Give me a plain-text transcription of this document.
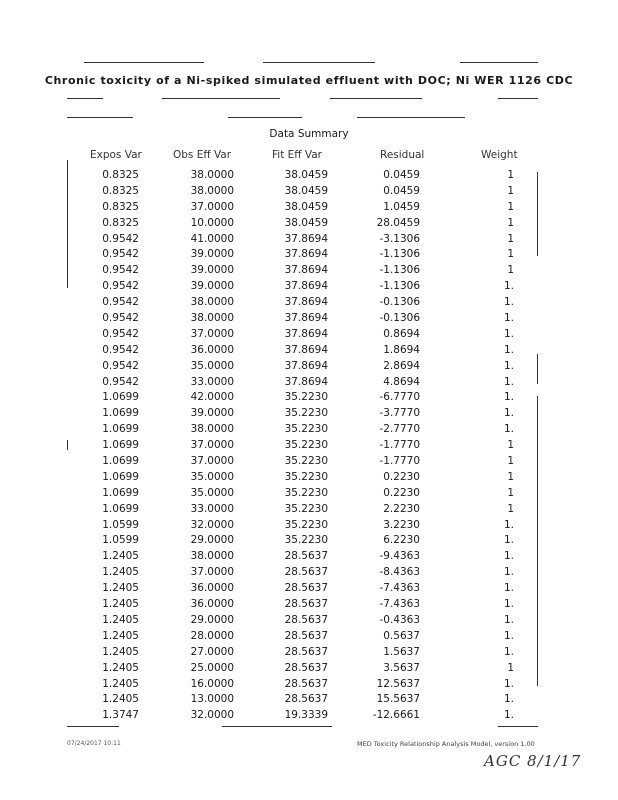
Chronic toxicity of a Ni-spiked simulated effluent with DOC; Ni WER 1126 CDC
Data Summary
Expos Var	Obs Eff Var	Fit Eff Var	Residual	Weight
0.8325	38.0000	38.0459	0.0459	1
0.8325	38.0000	38.0459	0.0459	1
0.8325	37.0000	38.0459	1.0459	1
0.8325	10.0000	38.0459	28.0459	1
0.9542	41.0000	37.8694	-3.1306	1
0.9542	39.0000	37.8694	-1.1306	1
0.9542	39.0000	37.8694	-1.1306	1
0.9542	39.0000	37.8694	-1.1306	1.
0.9542	38.0000	37.8694	-0.1306	1.
0.9542	38.0000	37.8694	-0.1306	1.
0.9542	37.0000	37.8694	0.8694	1.
0.9542	36.0000	37.8694	1.8694	1.
0.9542	35.0000	37.8694	2.8694	1.
0.9542	33.0000	37.8694	4.8694	1.
1.0699	42.0000	35.2230	-6.7770	1.
1.0699	39.0000	35.2230	-3.7770	1.
1.0699	38.0000	35.2230	-2.7770	1.
1.0699	37.0000	35.2230	-1.7770	1
1.0699	37.0000	35.2230	-1.7770	1
1.0699	35.0000	35.2230	0.2230	1
1.0699	35.0000	35.2230	0.2230	1
1.0699	33.0000	35.2230	2.2230	1
1.0599	32.0000	35.2230	3.2230	1.
1.0599	29.0000	35.2230	6.2230	1.
1.2405	38.0000	28.5637	-9.4363	1.
1.2405	37.0000	28.5637	-8.4363	1.
1.2405	36.0000	28.5637	-7.4363	1.
1.2405	36.0000	28.5637	-7.4363	1.
1.2405	29.0000	28.5637	-0.4363	1.
1.2405	28.0000	28.5637	0.5637	1.
1.2405	27.0000	28.5637	1.5637	1.
1.2405	25.0000	28.5637	3.5637	1
1.2405	16.0000	28.5637	12.5637	1.
1.2405	13.0000	28.5637	15.5637	1.
1.3747	32.0000	19.3339	-12.6661	1.
07/24/2017 10:11	MED Toxicity Relationship Analysis Model, version 1.00
AGC 8/1/17
